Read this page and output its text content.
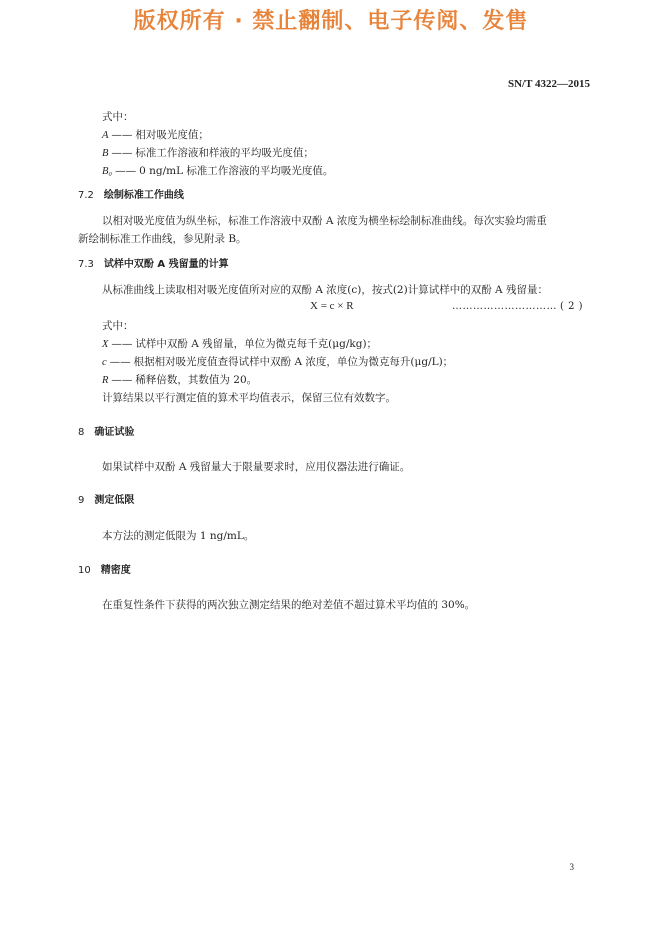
版权所有 · 禁止翻制、电子传阅、发售
SN/T 4322—2015
式中：
A —— 相对吸光度值；
B —— 标准工作溶液和样液的平均吸光度值；
B₀ —— 0 ng/mL 标准工作溶液的平均吸光度值。
7.2 绘制标准工作曲线
以相对吸光度值为纵坐标，标准工作溶液中双酚 A 浓度为横坐标绘制标准曲线。每次实验均需重
新绘制标准工作曲线，参见附录 B。
7.3 试样中双酚 A 残留量的计算
从标准曲线上读取相对吸光度值所对应的双酚 A 浓度(c)，按式(2)计算试样中的双酚 A 残留量：
X = c × R	………………………… ( 2 )
式中：
X —— 试样中双酚 A 残留量，单位为微克每千克(μg/kg)；
c —— 根据相对吸光度值查得试样中双酚 A 浓度，单位为微克每升(μg/L)；
R —— 稀释倍数，其数值为 20。
计算结果以平行测定值的算术平均值表示，保留三位有效数字。
8 确证试验
如果试样中双酚 A 残留量大于限量要求时，应用仪器法进行确证。
9 测定低限
本方法的测定低限为 1 ng/mL。
10 精密度
在重复性条件下获得的两次独立测定结果的绝对差值不超过算术平均值的 30%。
3
